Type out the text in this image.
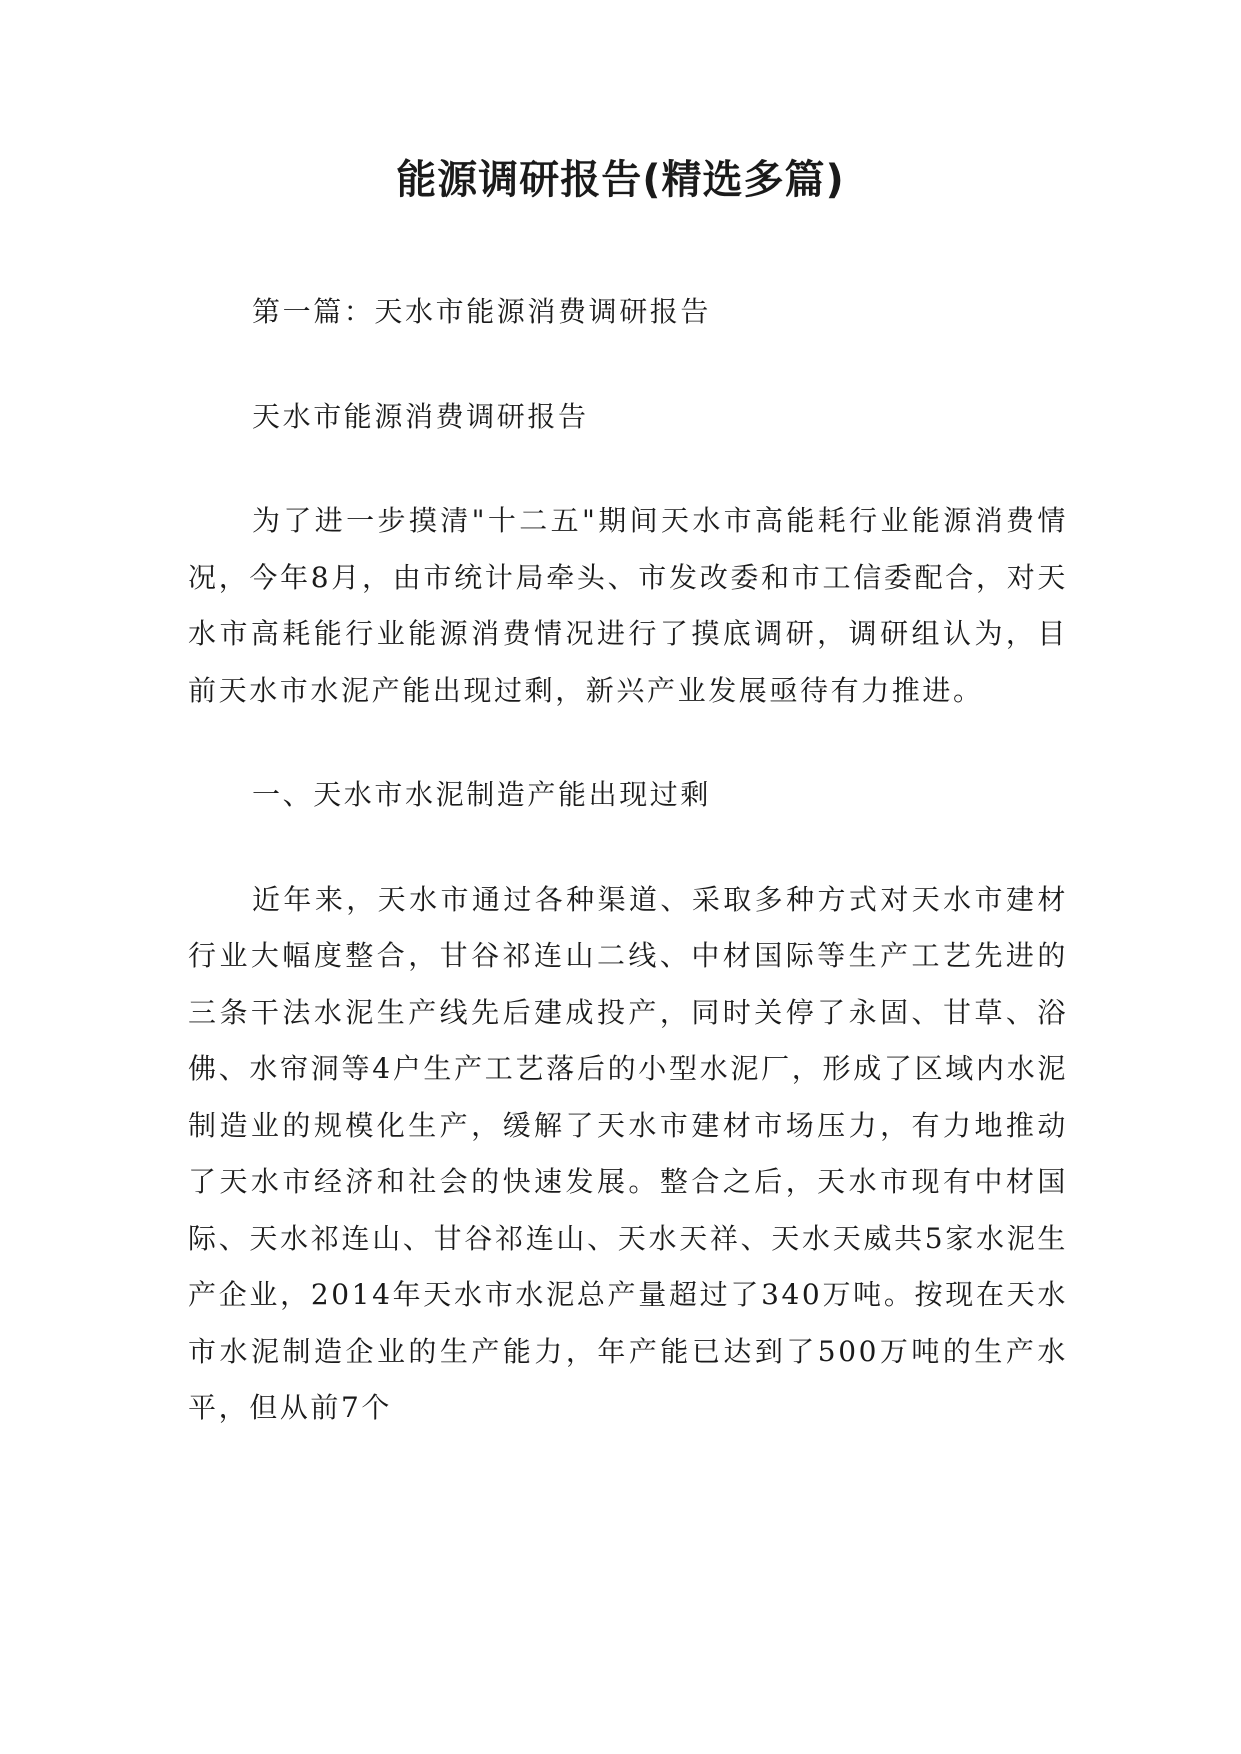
能源调研报告(精选多篇)

第一篇：天水市能源消费调研报告

天水市能源消费调研报告

为了进一步摸清"十二五"期间天水市高能耗行业能源消费情况，今年8月，由市统计局牵头、市发改委和市工信委配合，对天水市高耗能行业能源消费情况进行了摸底调研，调研组认为，目前天水市水泥产能出现过剩，新兴产业发展亟待有力推进。

一、天水市水泥制造产能出现过剩

近年来，天水市通过各种渠道、采取多种方式对天水市建材行业大幅度整合，甘谷祁连山二线、中材国际等生产工艺先进的三条干法水泥生产线先后建成投产，同时关停了永固、甘草、浴佛、水帘洞等4户生产工艺落后的小型水泥厂，形成了区域内水泥制造业的规模化生产，缓解了天水市建材市场压力，有力地推动了天水市经济和社会的快速发展。整合之后，天水市现有中材国际、天水祁连山、甘谷祁连山、天水天祥、天水天威共5家水泥生产企业，2014年天水市水泥总产量超过了340万吨。按现在天水市水泥制造企业的生产能力，年产能已达到了500万吨的生产水平，但从前7个
